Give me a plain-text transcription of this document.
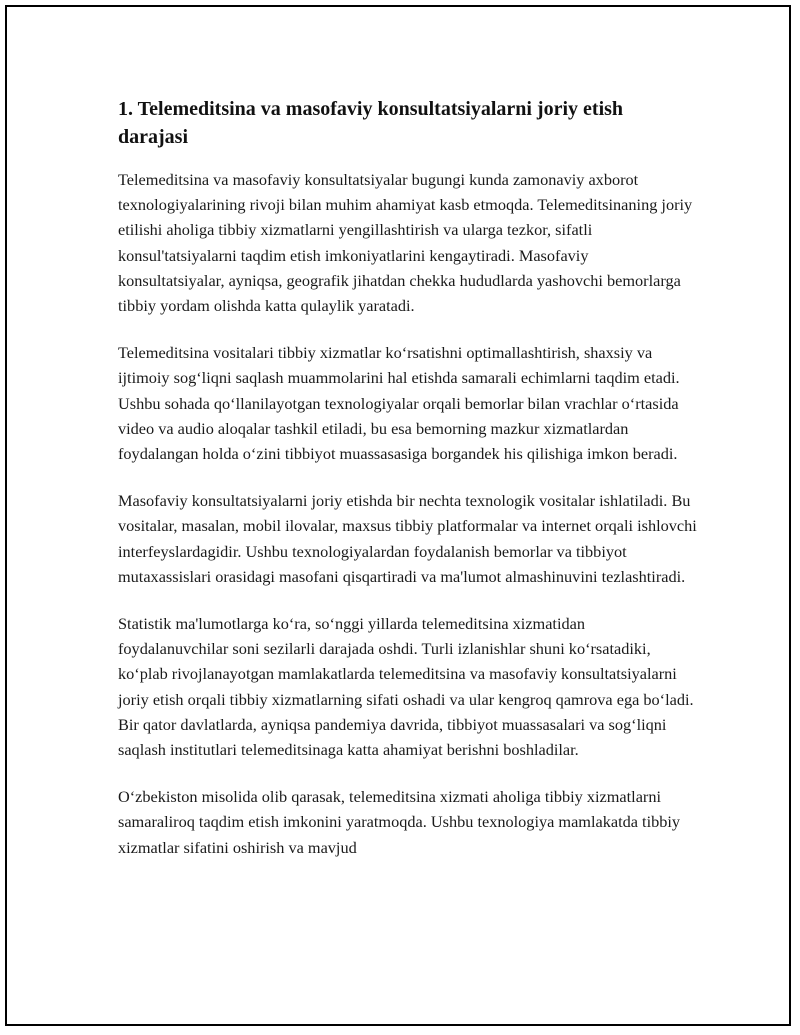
1. Telemeditsina va masofaviy konsultatsiyalarni joriy etish darajasi

Telemeditsina va masofaviy konsultatsiyalar bugungi kunda zamonaviy axborot texnologiyalarining rivoji bilan muhim ahamiyat kasb etmoqda. Telemeditsinaning joriy etilishi aholiga tibbiy xizmatlarni yengillashtirish va ularga tezkor, sifatli konsul'tatsiyalarni taqdim etish imkoniyatlarini kengaytiradi. Masofaviy konsultatsiyalar, ayniqsa, geografik jihatdan chekka hududlarda yashovchi bemorlarga tibbiy yordam olishda katta qulaylik yaratadi.

Telemeditsina vositalari tibbiy xizmatlar ko‘rsatishni optimallashtirish, shaxsiy va ijtimoiy sog‘liqni saqlash muammolarini hal etishda samarali echimlarni taqdim etadi. Ushbu sohada qo‘llanilayotgan texnologiyalar orqali bemorlar bilan vrachlar o‘rtasida video va audio aloqalar tashkil etiladi, bu esa bemorning mazkur xizmatlardan foydalangan holda o‘zini tibbiyot muassasasiga borgandek his qilishiga imkon beradi.

Masofaviy konsultatsiyalarni joriy etishda bir nechta texnologik vositalar ishlatiladi. Bu vositalar, masalan, mobil ilovalar, maxsus tibbiy platformalar va internet orqali ishlovchi interfeyslardagidir. Ushbu texnologiyalardan foydalanish bemorlar va tibbiyot mutaxassislari orasidagi masofani qisqartiradi va ma'lumot almashinuvini tezlashtiradi.

Statistik ma'lumotlarga ko‘ra, so‘nggi yillarda telemeditsina xizmatidan foydalanuvchilar soni sezilarli darajada oshdi. Turli izlanishlar shuni ko‘rsatadiki, ko‘plab rivojlanayotgan mamlakatlarda telemeditsina va masofaviy konsultatsiyalarni joriy etish orqali tibbiy xizmatlarning sifati oshadi va ular kengroq qamrova ega bo‘ladi. Bir qator davlatlarda, ayniqsa pandemiya davrida, tibbiyot muassasalari va sog‘liqni saqlash institutlari telemeditsinaga katta ahamiyat berishni boshladilar.

O‘zbekiston misolida olib qarasak, telemeditsina xizmati aholiga tibbiy xizmatlarni samaraliroq taqdim etish imkonini yaratmoqda. Ushbu texnologiya mamlakatda tibbiy xizmatlar sifatini oshirish va mavjud
